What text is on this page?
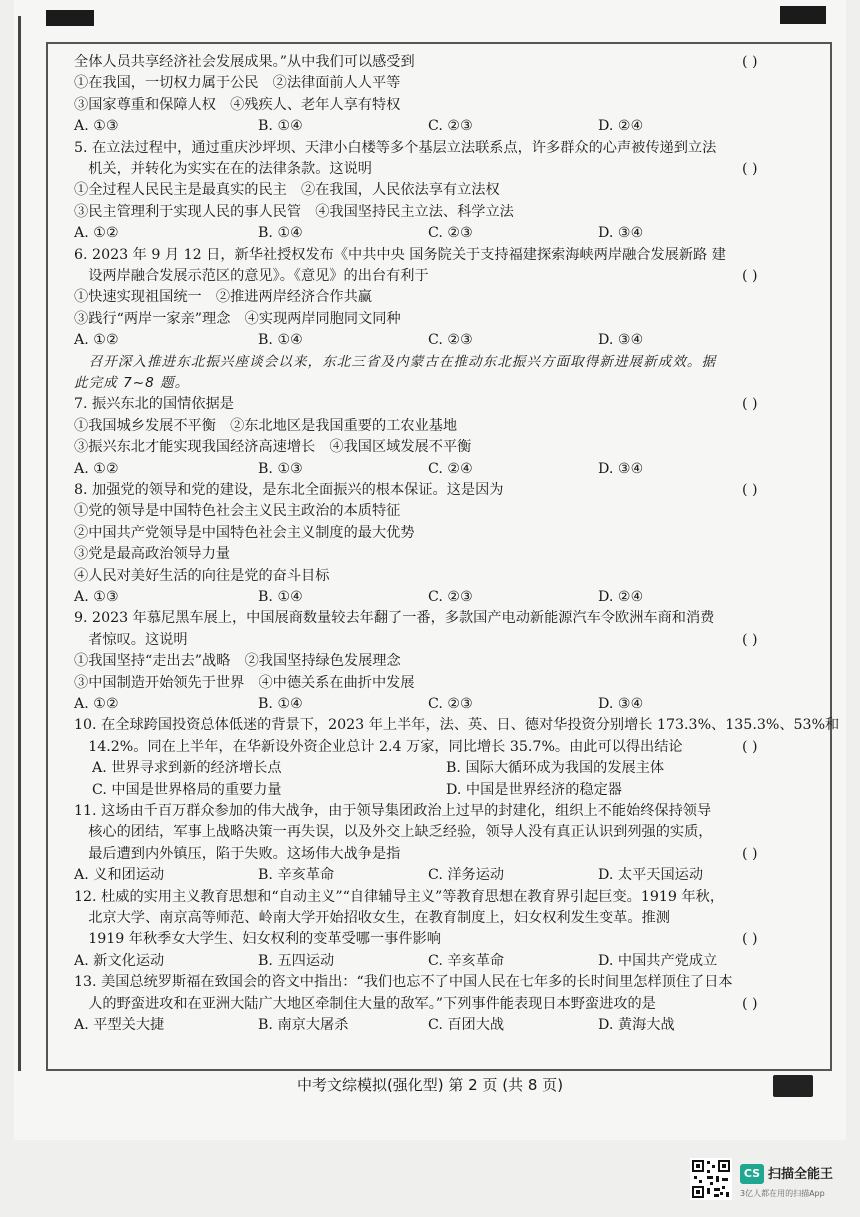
全体人员共享经济社会发展成果。”从中我们可以感受到	( )
①在我国，一切权力属于公民　②法律面前人人平等
③国家尊重和保障人权　④残疾人、老年人享有特权
A. ①③	B. ①④	C. ②③	D. ②④
5. 在立法过程中，通过重庆沙坪坝、天津小白楼等多个基层立法联系点，许多群众的心声被传递到立法
　机关，并转化为实实在在的法律条款。这说明	( )
①全过程人民民主是最真实的民主　②在我国，人民依法享有立法权
③民主管理利于实现人民的事人民管　④我国坚持民主立法、科学立法
A. ①②	B. ①④	C. ②③	D. ③④
6. 2023 年 9 月 12 日，新华社授权发布《中共中央 国务院关于支持福建探索海峡两岸融合发展新路 建
　设两岸融合发展示范区的意见》。《意见》的出台有利于	( )
①快速实现祖国统一　②推进两岸经济合作共赢
③践行“两岸一家亲”理念　④实现两岸同胞同文同种
A. ①②	B. ①④	C. ②③	D. ③④
　召开深入推进东北振兴座谈会以来，东北三省及内蒙古在推动东北振兴方面取得新进展新成效。据
此完成 7~8 题。
7. 振兴东北的国情依据是	( )
①我国城乡发展不平衡　②东北地区是我国重要的工农业基地
③振兴东北才能实现我国经济高速增长　④我国区域发展不平衡
A. ①②	B. ①③	C. ②④	D. ③④
8. 加强党的领导和党的建设，是东北全面振兴的根本保证。这是因为	( )
①党的领导是中国特色社会主义民主政治的本质特征
②中国共产党领导是中国特色社会主义制度的最大优势
③党是最高政治领导力量
④人民对美好生活的向往是党的奋斗目标
A. ①③	B. ①④	C. ②③	D. ②④
9. 2023 年慕尼黑车展上，中国展商数量较去年翻了一番，多款国产电动新能源汽车令欧洲车商和消费
　者惊叹。这说明	( )
①我国坚持“走出去”战略　②我国坚持绿色发展理念
③中国制造开始领先于世界　④中德关系在曲折中发展
A. ①②	B. ①④	C. ②③	D. ③④
10. 在全球跨国投资总体低迷的背景下，2023 年上半年，法、英、日、德对华投资分别增长 173.3%、135.3%、53%和
　14.2%。同在上半年，在华新设外资企业总计 2.4 万家，同比增长 35.7%。由此可以得出结论	( )
A. 世界寻求到新的经济增长点	B. 国际大循环成为我国的发展主体
C. 中国是世界格局的重要力量	D. 中国是世界经济的稳定器
11. 这场由千百万群众参加的伟大战争，由于领导集团政治上过早的封建化，组织上不能始终保持领导
　核心的团结，军事上战略决策一再失误，以及外交上缺乏经验，领导人没有真正认识到列强的实质，
　最后遭到内外镇压，陷于失败。这场伟大战争是指	( )
A. 义和团运动	B. 辛亥革命	C. 洋务运动	D. 太平天国运动
12. 杜威的实用主义教育思想和“自动主义”“自律辅导主义”等教育思想在教育界引起巨变。1919 年秋，
　北京大学、南京高等师范、岭南大学开始招收女生，在教育制度上，妇女权利发生变革。推测
　1919 年秋季女大学生、妇女权利的变革受哪一事件影响	( )
A. 新文化运动	B. 五四运动	C. 辛亥革命	D. 中国共产党成立
13. 美国总统罗斯福在致国会的咨文中指出：“我们也忘不了中国人民在七年多的长时间里怎样顶住了日本
　人的野蛮进攻和在亚洲大陆广大地区牵制住大量的敌军。”下列事件能表现日本野蛮进攻的是	( )
A. 平型关大捷	B. 南京大屠杀	C. 百团大战	D. 黄海大战
中考文综模拟(强化型) 第 2 页 (共 8 页)
CS 扫描全能王
3亿人都在用的扫描App
